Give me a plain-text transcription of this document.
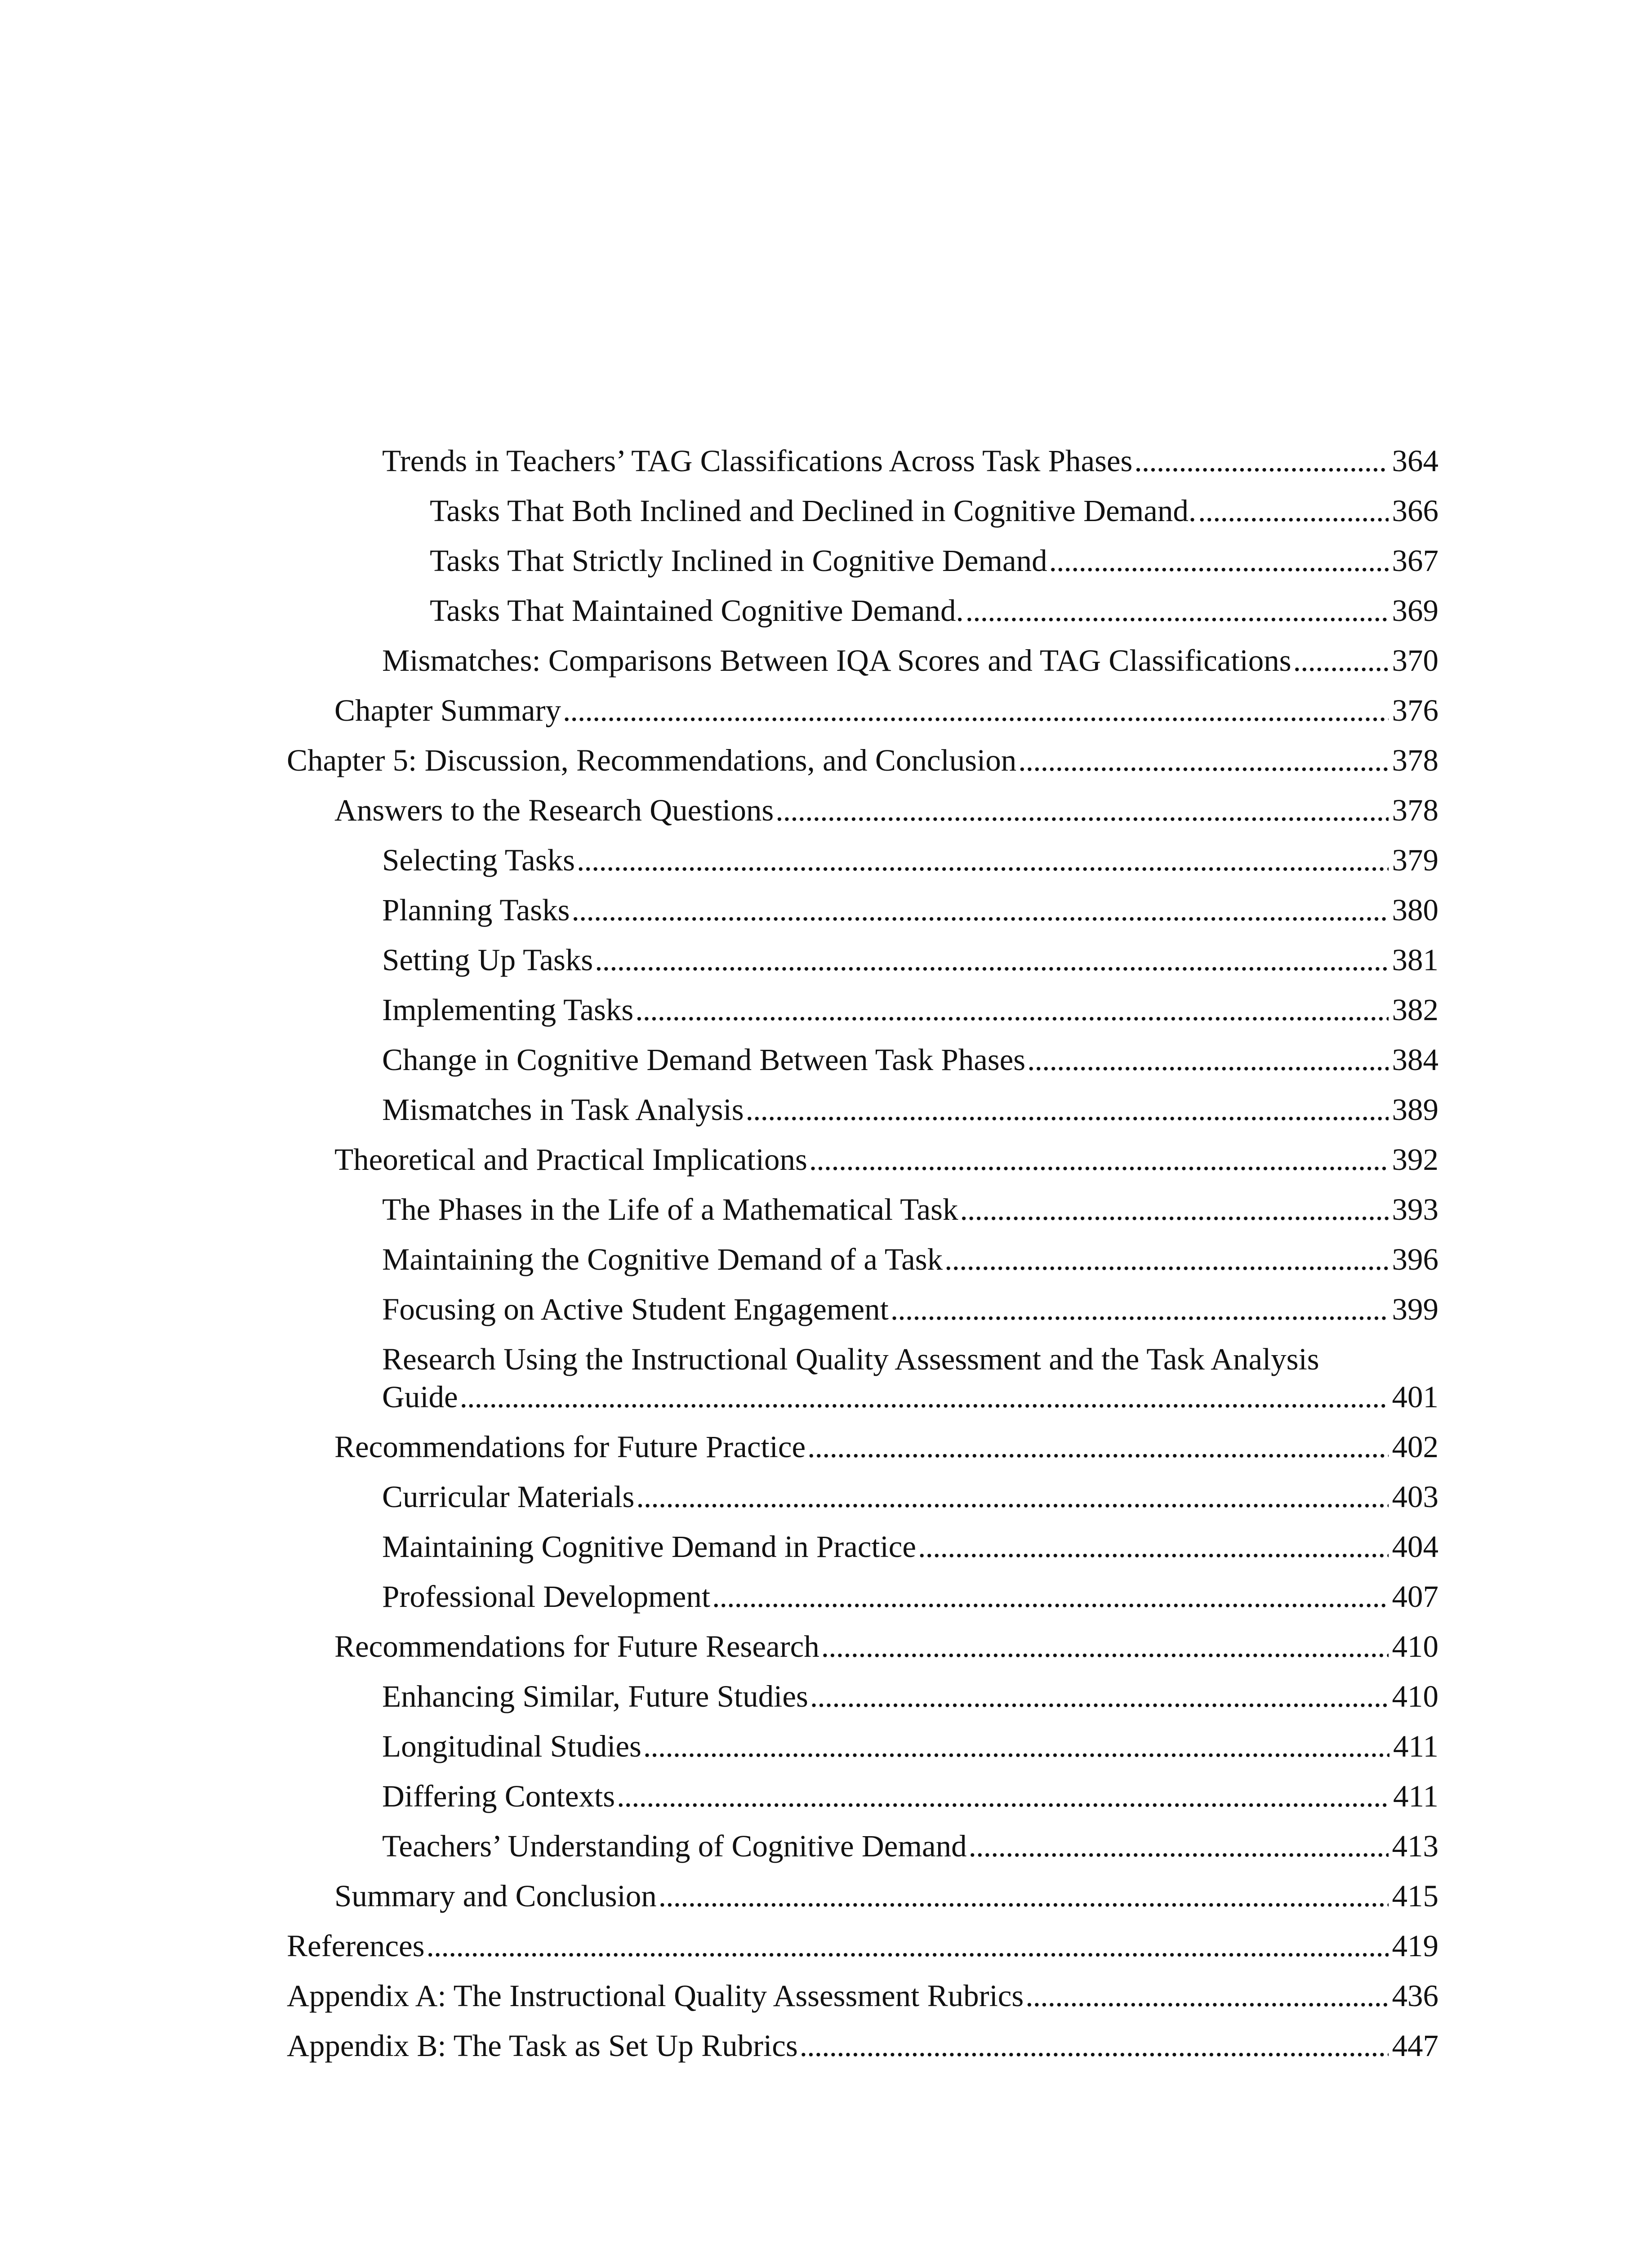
Trends in Teachers’ TAG Classifications Across Task Phases . . .	364
Tasks That Both Inclined and Declined in Cognitive Demand. . . .	366
Tasks That Strictly Inclined in Cognitive Demand . . .	367
Tasks That Maintained Cognitive Demand. . . .	369
Mismatches: Comparisons Between IQA Scores and TAG Classifications . . .	370
Chapter Summary . . .	376
Chapter 5: Discussion, Recommendations, and Conclusion . . .	378
Answers to the Research Questions . . .	378
Selecting Tasks . . .	379
Planning Tasks . . .	380
Setting Up Tasks . . .	381
Implementing Tasks . . .	382
Change in Cognitive Demand Between Task Phases . . .	384
Mismatches in Task Analysis . . .	389
Theoretical and Practical Implications . . .	392
The Phases in the Life of a Mathematical Task . . .	393
Maintaining the Cognitive Demand of a Task . . .	396
Focusing on Active Student Engagement . . .	399
Research Using the Instructional Quality Assessment and the Task Analysis
Guide . . .	401
Recommendations for Future Practice . . .	402
Curricular Materials . . .	403
Maintaining Cognitive Demand in Practice . . .	404
Professional Development . . .	407
Recommendations for Future Research . . .	410
Enhancing Similar, Future Studies . . .	410
Longitudinal Studies . . .	411
Differing Contexts . . .	411
Teachers’ Understanding of Cognitive Demand . . .	413
Summary and Conclusion . . .	415
References . . .	419
Appendix A: The Instructional Quality Assessment Rubrics . . .	436
Appendix B: The Task as Set Up Rubrics . . .	447
